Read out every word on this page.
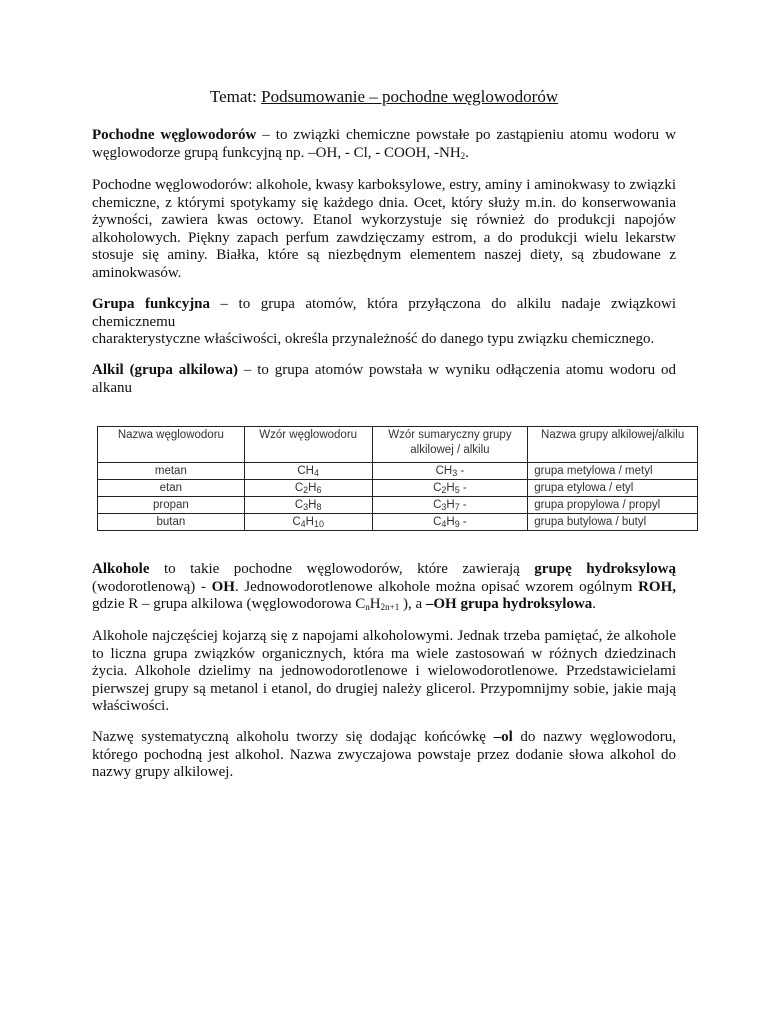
Temat: Podsumowanie – pochodne węglowodorów
Pochodne węglowodorów – to związki chemiczne powstałe po zastąpieniu atomu wodoru w węglowodorze grupą funkcyjną np. –OH, - Cl, - COOH, $-NH_2$.
Pochodne węglowodorów: alkohole, kwasy karboksylowe, estry, aminy i aminokwasy to związki chemiczne, z którymi spotykamy się każdego dnia. Ocet, który służy m.in. do konserwowania żywności, zawiera kwas octowy. Etanol wykorzystuje się również do produkcji napojów alkoholowych. Piękny zapach perfum zawdzięczamy estrom, a do produkcji wielu lekarstw stosuje się aminy. Białka, które są niezbędnym elementem naszej diety, są zbudowane z aminokwasów.
Grupa funkcyjna – to grupa atomów, która przyłączona do alkilu nadaje związkowi chemicznemu
charakterystyczne właściwości, określa przynależność do danego typu związku chemicznego.
Alkil (grupa alkilowa) – to grupa atomów powstała w wyniku odłączenia atomu wodoru od alkanu
Nazwa węglowodoru	Wzór węglowodoru	Wzór sumaryczny grupy alkilowej / alkilu	Nazwa grupy alkilowej/alkilu
metan	$CH_4$	$CH_3$ -	grupa metylowa / metyl
etan	$C_2H_6$	$C_2H_5$ -	grupa etylowa / etyl
propan	$C_3H_8$	$C_3H_7$ -	grupa propylowa / propyl
butan	$C_4H_{10}$	$C_4H_9$ -	grupa butylowa / butyl
Alkohole to takie pochodne węglowodorów, które zawierają grupę hydroksylową (wodorotlenową) - OH. Jednowodorotlenowe alkohole można opisać wzorem ogólnym ROH, gdzie R – grupa alkilowa (węglowodorowa $C_nH_{2n+1}$ ), a –OH grupa hydroksylowa.
Alkohole najczęściej kojarzą się z napojami alkoholowymi. Jednak trzeba pamiętać, że alkohole to liczna grupa związków organicznych, która ma wiele zastosowań w różnych dziedzinach życia. Alkohole dzielimy na jednowodorotlenowe i wielowodorotlenowe. Przedstawicielami pierwszej grupy są metanol i etanol, do drugiej należy glicerol. Przypomnijmy sobie, jakie mają właściwości.
Nazwę systematyczną alkoholu tworzy się dodając końcówkę –ol do nazwy węglowodoru, którego pochodną jest alkohol. Nazwa zwyczajowa powstaje przez dodanie słowa alkohol do nazwy grupy alkilowej.
